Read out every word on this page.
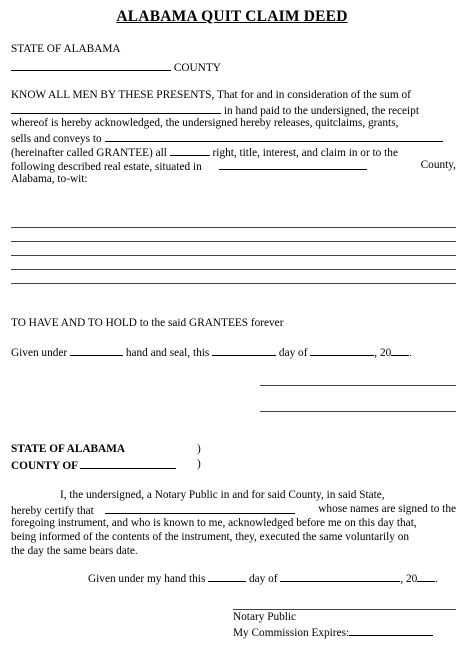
ALABAMA QUIT CLAIM DEED
STATE OF ALABAMA
COUNTY
KNOW ALL MEN BY THESE PRESENTS, That for and in consideration of the sum of
in hand paid to the undersigned, the receipt
whereof is hereby acknowledged, the undersigned hereby releases, quitclaims, grants,
sells and conveys to
(hereinafter called GRANTEE) all	right, title, interest, and claim in or to the
following described real estate, situated in	County,
Alabama, to-wit:
TO HAVE AND TO HOLD to the said GRANTEES forever
Given under	hand and seal, this	day of	, 20 .
STATE OF ALABAMA	)
COUNTY OF	)
I, the undersigned, a Notary Public in and for said County, in said State,
hereby certify that	whose names are signed to the
foregoing instrument, and who is known to me, acknowledged before me on this day that,
being informed of the contents of the instrument, they, executed the same voluntarily on
the day the same bears date.
Given under my hand this	day of	, 20 .
Notary Public
My Commission Expires:
